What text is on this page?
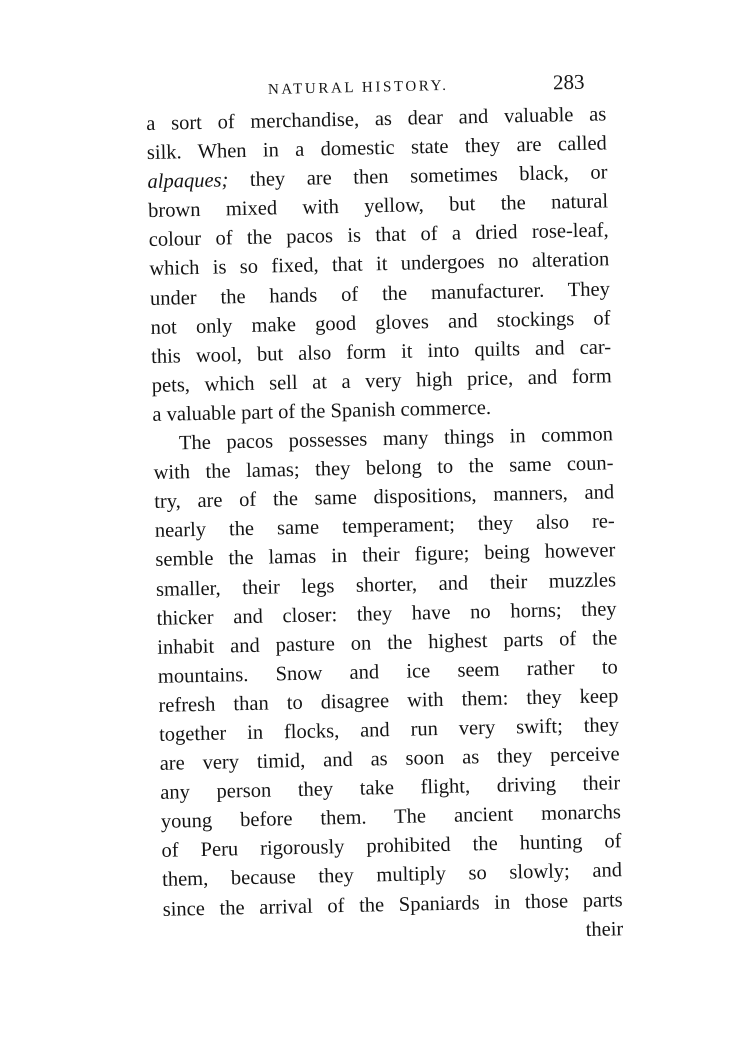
NATURAL HISTORY.	283
a sort of merchandise, as dear and valuable as
silk. When in a domestic state they are called
alpaques; they are then sometimes black, or
brown mixed with yellow, but the natural
colour of the pacos is that of a dried rose-leaf,
which is so fixed, that it undergoes no alteration
under the hands of the manufacturer. They
not only make good gloves and stockings of
this wool, but also form it into quilts and car-
pets, which sell at a very high price, and form
a valuable part of the Spanish commerce.
The pacos possesses many things in common
with the lamas; they belong to the same coun-
try, are of the same dispositions, manners, and
nearly the same temperament; they also re-
semble the lamas in their figure; being however
smaller, their legs shorter, and their muzzles
thicker and closer: they have no horns; they
inhabit and pasture on the highest parts of the
mountains. Snow and ice seem rather to
refresh than to disagree with them: they keep
together in flocks, and run very swift; they
are very timid, and as soon as they perceive
any person they take flight, driving their
young before them. The ancient monarchs
of Peru rigorously prohibited the hunting of
them, because they multiply so slowly; and
since the arrival of the Spaniards in those parts
their
